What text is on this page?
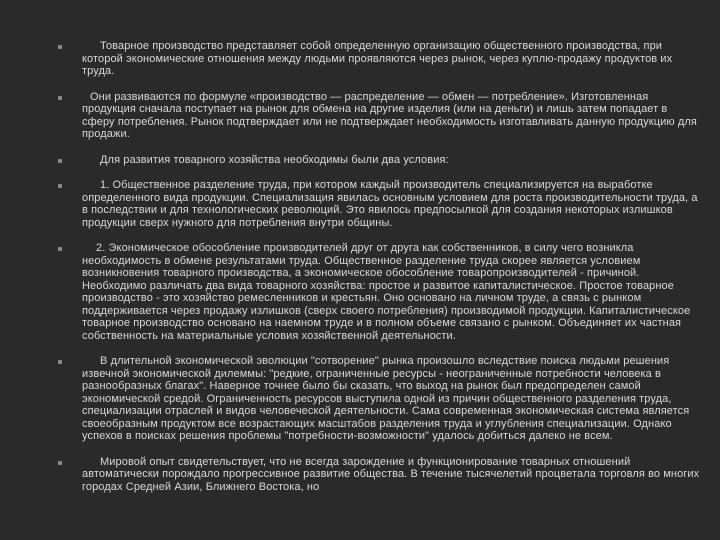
Товарное производство представляет собой определенную организацию общественного производства, при которой экономические отношения между людьми проявляются через рынок, через куплю-продажу продуктов их труда.
Они развиваются по формуле «производство — распределение — обмен — потребление». Изготовленная продукция сначала поступает на рынок для обмена на другие изделия (или на деньги) и лишь затем попадает в сферу потребления. Рынок подтверждает или не подтверждает необходимость изготавливать данную продукцию для продажи.
Для развития товарного хозяйства необходимы были два условия:
1. Общественное разделение труда, при котором каждый производитель специализируется на выработке определенного вида продукции. Специализация явилась основным условием для роста производительности труда, а в последствии и для технологических революций. Это явилось предпосылкой для создания некоторых излишков продукции сверх нужного для потребления внутри общины.
2. Экономическое обособление производителей друг от друга как собственников, в силу чего возникла необходимость в обмене результатами труда. Общественное разделение труда скорее является условием возникновения товарного производства, а экономическое обособление товаропроизводителей - причиной. Необходимо различать два вида товарного хозяйства: простое и развитое капиталистическое. Простое товарное производство - это хозяйство ремесленников и крестьян. Оно основано на личном труде, а связь с рынком поддерживается через продажу излишков (сверх своего потребления) производимой продукции. Капиталистическое товарное производство основано на наемном труде и в полном объеме связано с рынком. Объединяет их частная собственность на материальные условия хозяйственной деятельности.
В длительной экономической эволюции "сотворение" рынка произошло вследствие поиска людьми решения извечной экономической дилеммы: "редкие, ограниченные ресурсы - неограниченные потребности человека в разнообразных благах". Наверное точнее было бы сказать, что выход на рынок был предопределен самой экономической средой. Ограниченность ресурсов выступила одной из причин общественного разделения труда, специализации отраслей и видов человеческой деятельности. Сама современная экономическая система является своеобразным продуктом все возрастающих масштабов разделения труда и углубления специализации. Однако успехов в поисках решения проблемы "потребности-возможности" удалось добиться далеко не всем.
Мировой опыт свидетельствует, что не всегда зарождение и функционирование товарных отношений автоматически порождало прогрессивное развитие общества. В течение тысячелетий процветала торговля во многих городах Средней Азии, Ближнего Востока, но
